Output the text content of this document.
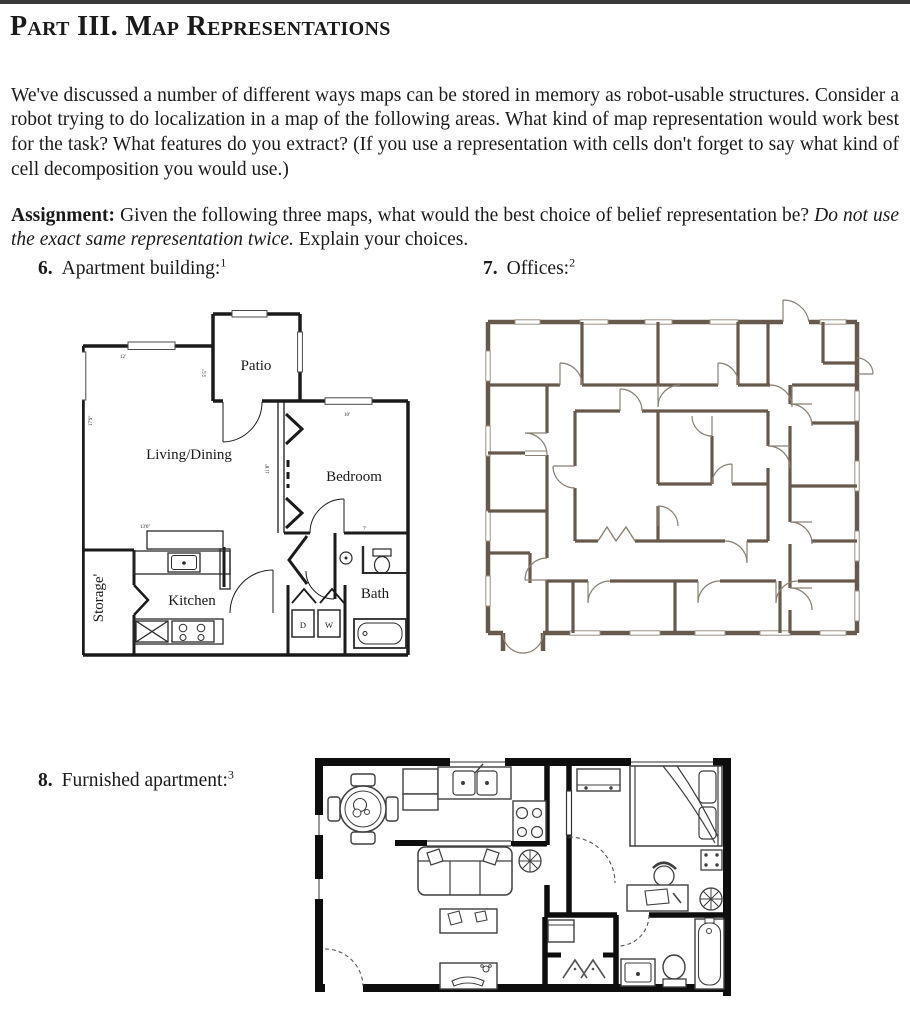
Part III. Map Representations

We've discussed a number of different ways maps can be stored in memory as robot-usable structures. Consider a robot trying to do localization in a map of the following areas. What kind of map representation would work best for the task? What features do you extract? (If you use a representation with cells don't forget to say what kind of cell decomposition you would use.)

Assignment: Given the following three maps, what would the best choice of belief representation be? Do not use the exact same representation twice. Explain your choices.

6. Apartment building:$^1$	7. Offices:$^2$
8. Furnished apartment:$^3$
Patio
Living/Dining
Bedroom
Kitchen	Bath
Storage'
D W
12'
5'5"
17'9"
10'
11'8"
13'6"	7'
